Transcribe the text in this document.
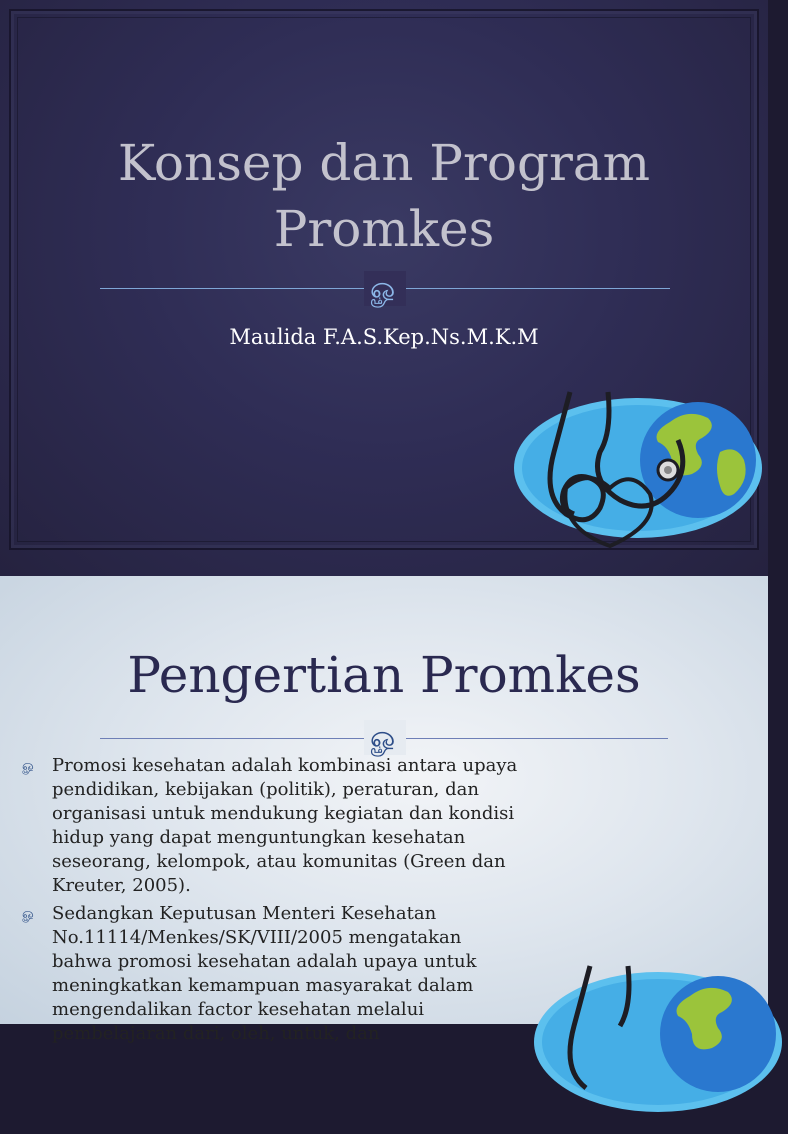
Konsep dan Program
Promkes
ௐ
Maulida F.A.S.Kep.Ns.M.K.M
Pengertian Promkes
ௐ
ௐ Promosi kesehatan adalah kombinasi antara upaya pendidikan, kebijakan (politik), peraturan, dan organisasi untuk mendukung kegiatan dan kondisi hidup yang dapat menguntungkan kesehatan seseorang, kelompok, atau komunitas (Green dan Kreuter, 2005).
ௐ Sedangkan Keputusan Menteri Kesehatan No.11114/Menkes/SK/VIII/2005 mengatakan bahwa promosi kesehatan adalah upaya untuk meningkatkan kemampuan masyarakat dalam mengendalikan factor kesehatan melalui pembelajaran dari, oleh, untuk, dan
